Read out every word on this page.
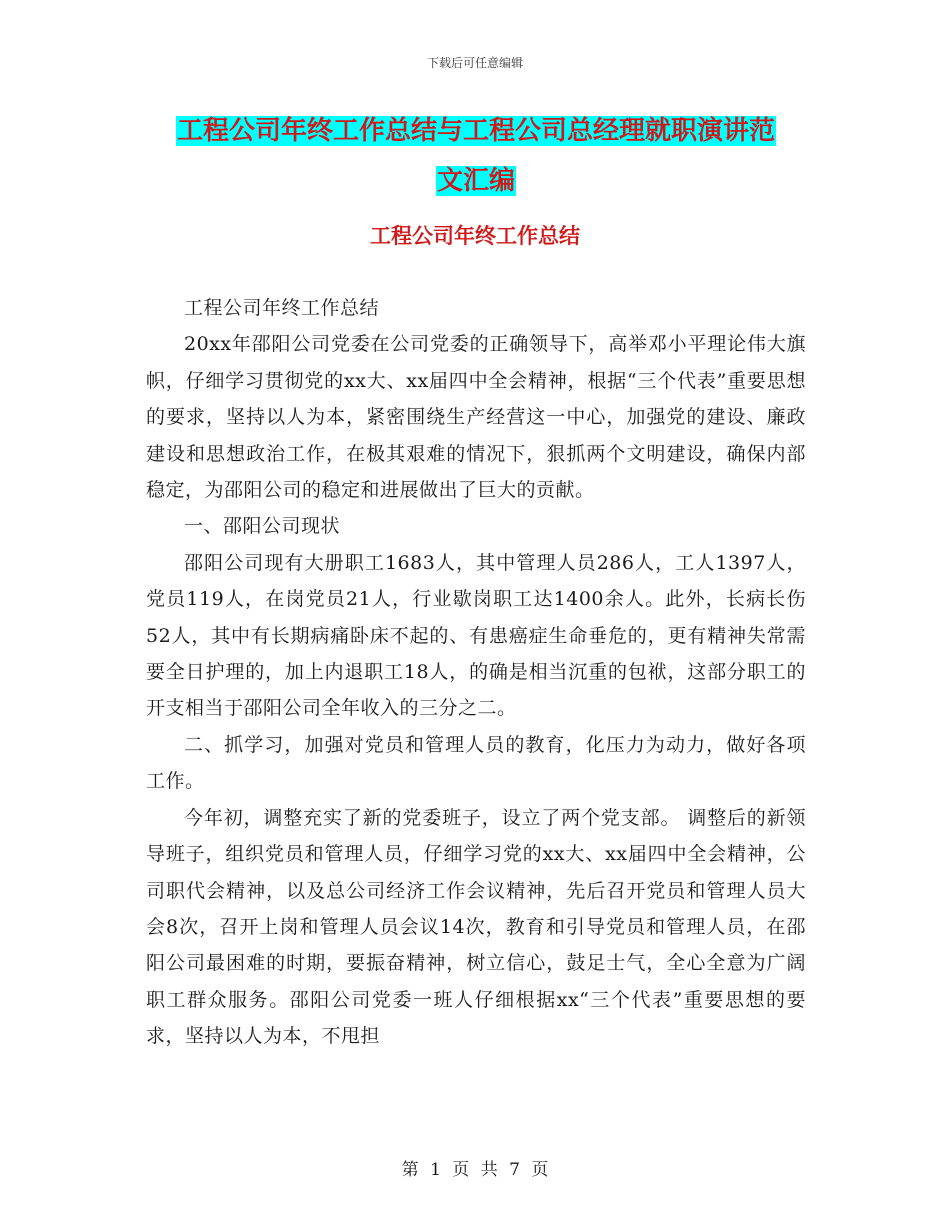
下载后可任意编辑
工程公司年终工作总结与工程公司总经理就职演讲范
文汇编
工程公司年终工作总结

工程公司年终工作总结

20xx年邵阳公司党委在公司党委的正确领导下，高举邓小平理论伟大旗帜，仔细学习贯彻党的xx大、xx届四中全会精神，根据“三个代表”重要思想的要求，坚持以人为本，紧密围绕生产经营这一中心，加强党的建设、廉政建设和思想政治工作，在极其艰难的情况下，狠抓两个文明建设，确保内部稳定，为邵阳公司的稳定和进展做出了巨大的贡献。

一、邵阳公司现状

邵阳公司现有大册职工1683人，其中管理人员286人，工人1397人，党员119人，在岗党员21人，行业歇岗职工达1400余人。此外，长病长伤 52人，其中有长期病痛卧床不起的、有患癌症生命垂危的，更有精神失常需要全日护理的，加上内退职工18人，的确是相当沉重的包袱，这部分职工的开支相当于邵阳公司全年收入的三分之二。

二、抓学习，加强对党员和管理人员的教育，化压力为动力，做好各项工作。

今年初，调整充实了新的党委班子，设立了两个党支部。 调整后的新领导班子，组织党员和管理人员，仔细学习党的xx大、xx届四中全会精神，公司职代会精神，以及总公司经济工作会议精神，先后召开党员和管理人员大会8次，召开上岗和管理人员会议14次，教育和引导党员和管理人员，在邵阳公司最困难的时期，要振奋精神，树立信心，鼓足士气，全心全意为广阔职工群众服务。邵阳公司党委一班人仔细根据xx“三个代表”重要思想的要求，坚持以人为本，不甩担

第 1 页 共 7 页
